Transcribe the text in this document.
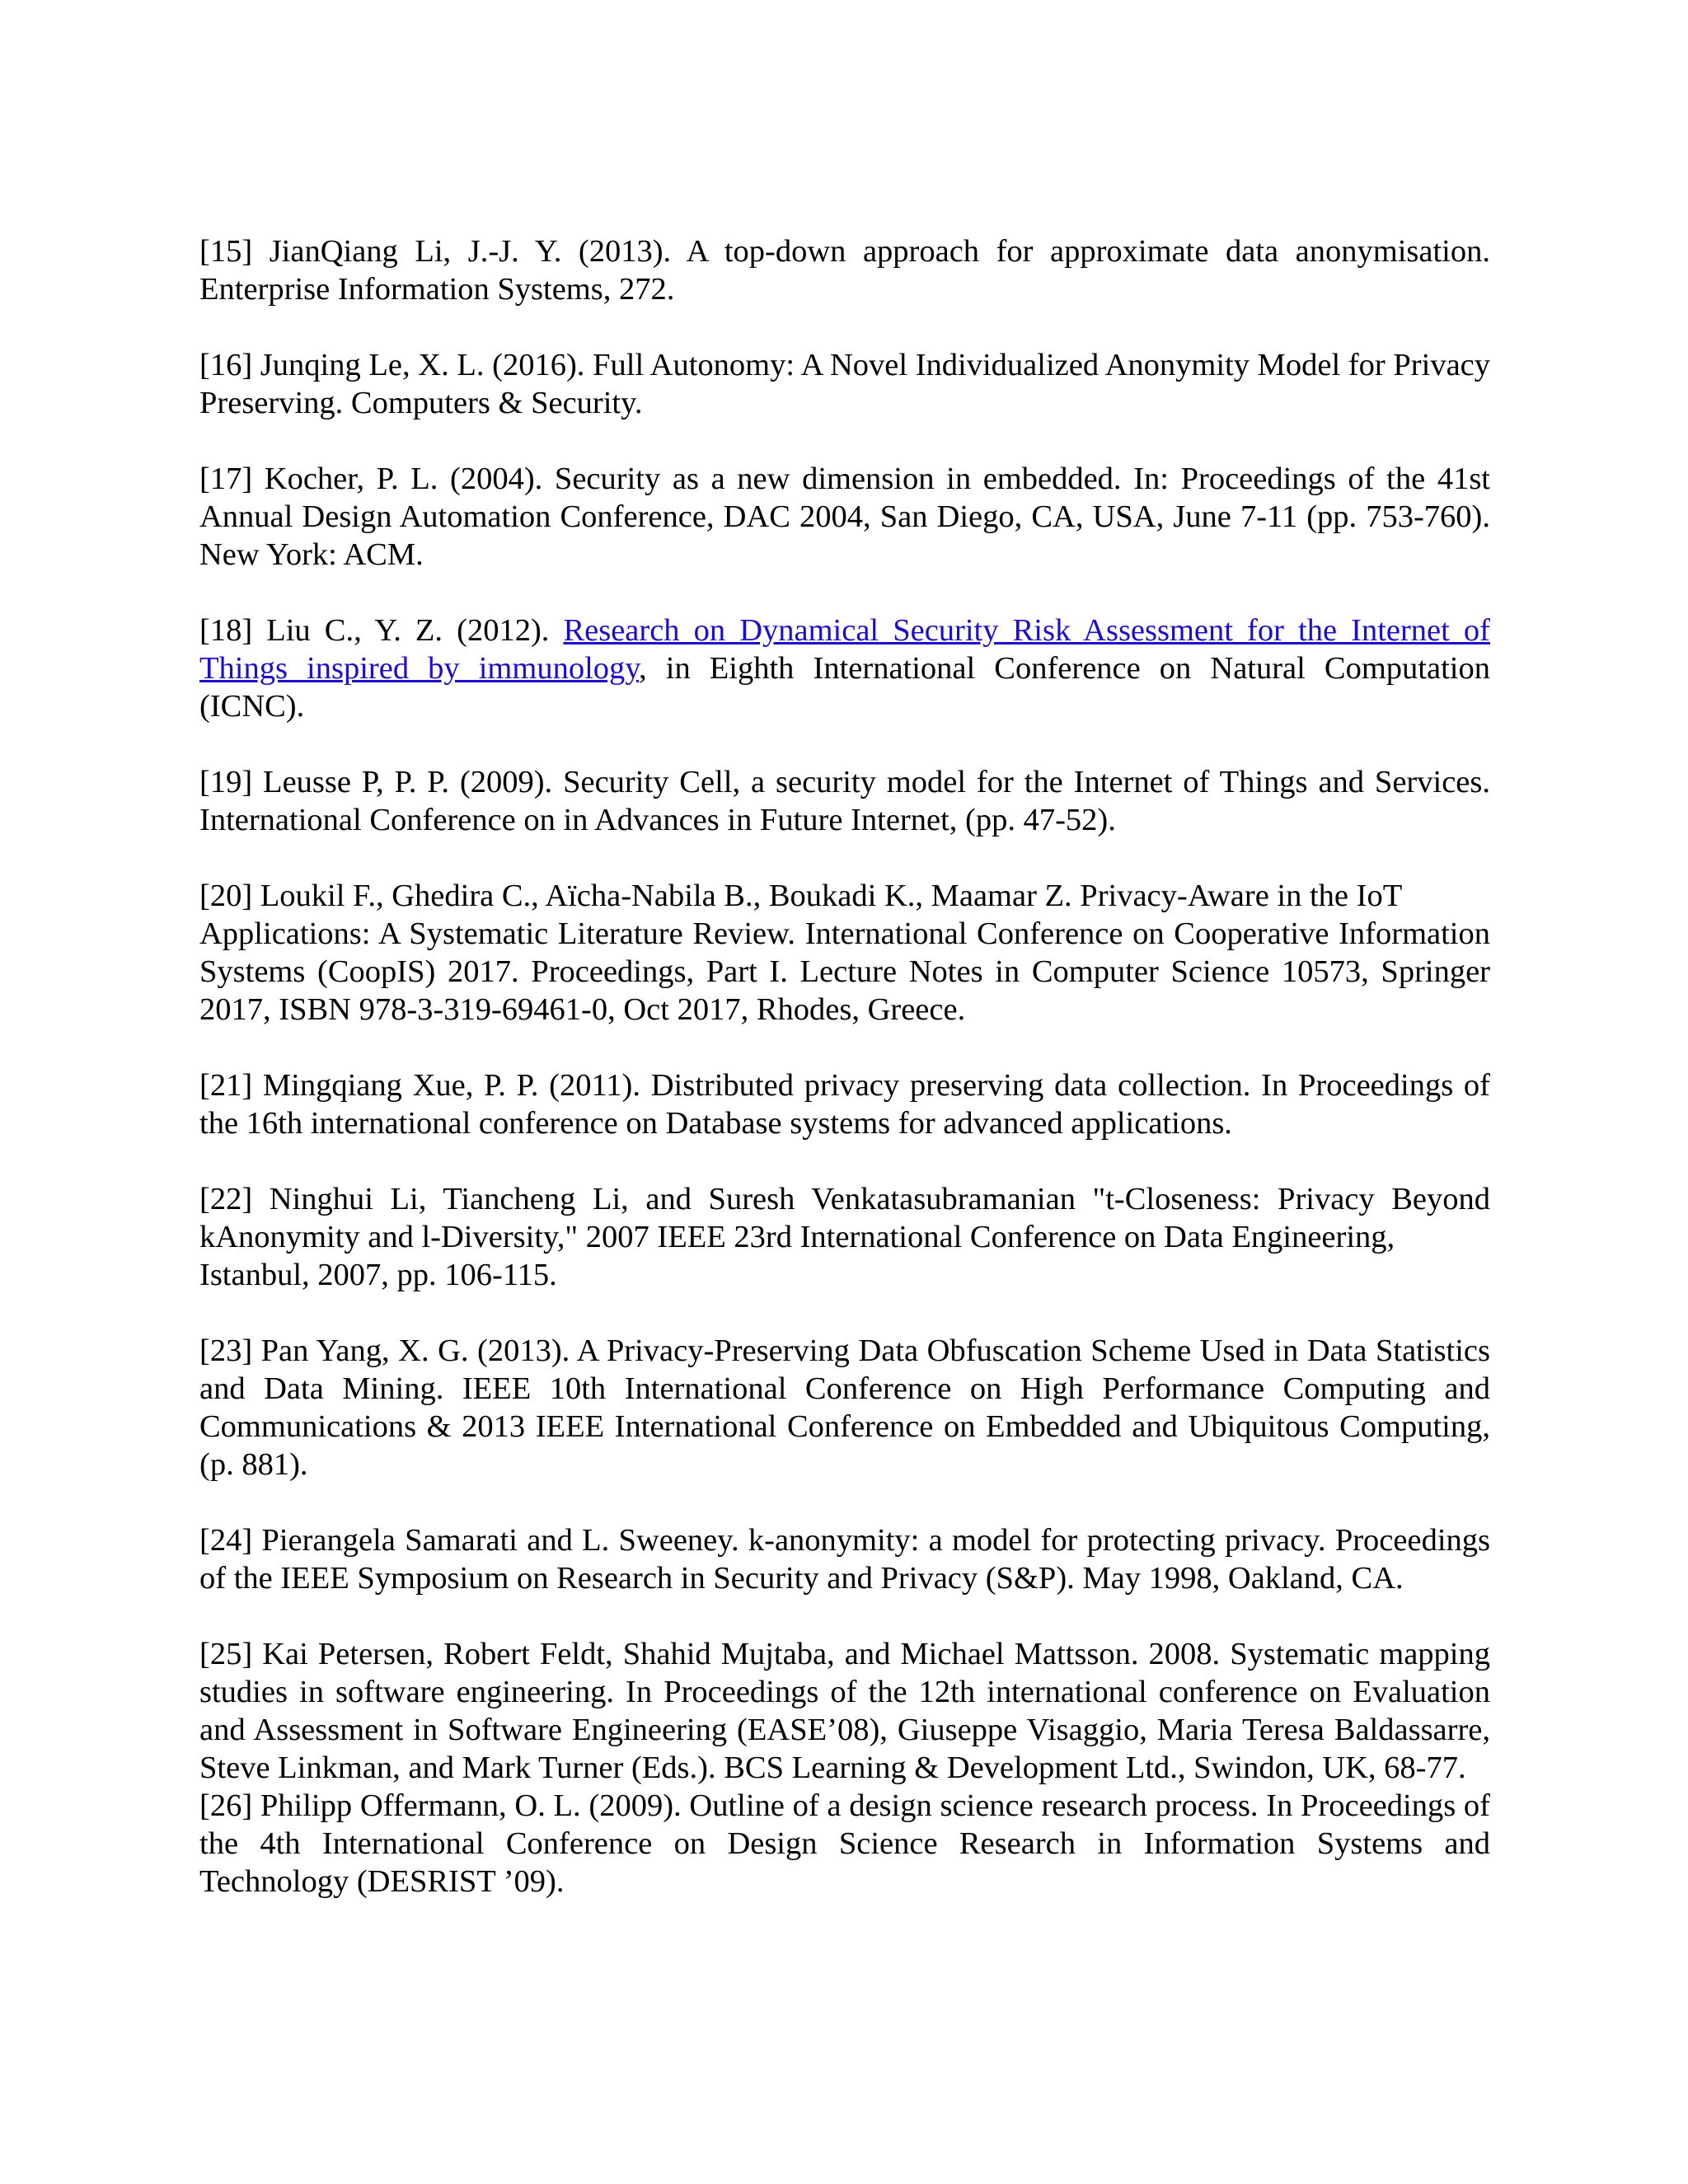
[15] JianQiang Li, J.-J. Y. (2013). A top-down approach for approximate data anonymisation. Enterprise Information Systems, 272.

[16] Junqing Le, X. L. (2016). Full Autonomy: A Novel Individualized Anonymity Model for Privacy Preserving. Computers & Security.

[17] Kocher, P. L. (2004). Security as a new dimension in embedded. In: Proceedings of the 41st Annual Design Automation Conference, DAC 2004, San Diego, CA, USA, June 7-11 (pp. 753-760). New York: ACM.

[18] Liu C., Y. Z. (2012). Research on Dynamical Security Risk Assessment for the Internet of Things inspired by immunology, in Eighth International Conference on Natural Computation (ICNC).

[19] Leusse P, P. P. (2009). Security Cell, a security model for the Internet of Things and Services. International Conference on in Advances in Future Internet, (pp. 47-52).

[20] Loukil F., Ghedira C., Aïcha-Nabila B., Boukadi K., Maamar Z. Privacy-Aware in the IoT
Applications: A Systematic Literature Review. International Conference on Cooperative Information Systems (CoopIS) 2017. Proceedings, Part I. Lecture Notes in Computer Science 10573, Springer 2017, ISBN 978-3-319-69461-0, Oct 2017, Rhodes, Greece.

[21] Mingqiang Xue, P. P. (2011). Distributed privacy preserving data collection. In Proceedings of the 16th international conference on Database systems for advanced applications.

[22] Ninghui Li, Tiancheng Li, and Suresh Venkatasubramanian "t-Closeness: Privacy Beyond
kAnonymity and l-Diversity," 2007 IEEE 23rd International Conference on Data Engineering,
Istanbul, 2007, pp. 106-115.

[23] Pan Yang, X. G. (2013). A Privacy-Preserving Data Obfuscation Scheme Used in Data Statistics and Data Mining. IEEE 10th International Conference on High Performance Computing and Communications & 2013 IEEE International Conference on Embedded and Ubiquitous Computing,(p. 881).

[24] Pierangela Samarati and L. Sweeney. k-anonymity: a model for protecting privacy. Proceedings of the IEEE Symposium on Research in Security and Privacy (S&P). May 1998, Oakland, CA.

[25] Kai Petersen, Robert Feldt, Shahid Mujtaba, and Michael Mattsson. 2008. Systematic mapping studies in software engineering. In Proceedings of the 12th international conference on Evaluation and Assessment in Software Engineering (EASE’08), Giuseppe Visaggio, Maria Teresa Baldassarre, Steve Linkman, and Mark Turner (Eds.). BCS Learning & Development Ltd., Swindon, UK, 68-77.

[26] Philipp Offermann, O. L. (2009). Outline of a design science research process. In Proceedings of the 4th International Conference on Design Science Research in Information Systems and Technology (DESRIST ’09).
